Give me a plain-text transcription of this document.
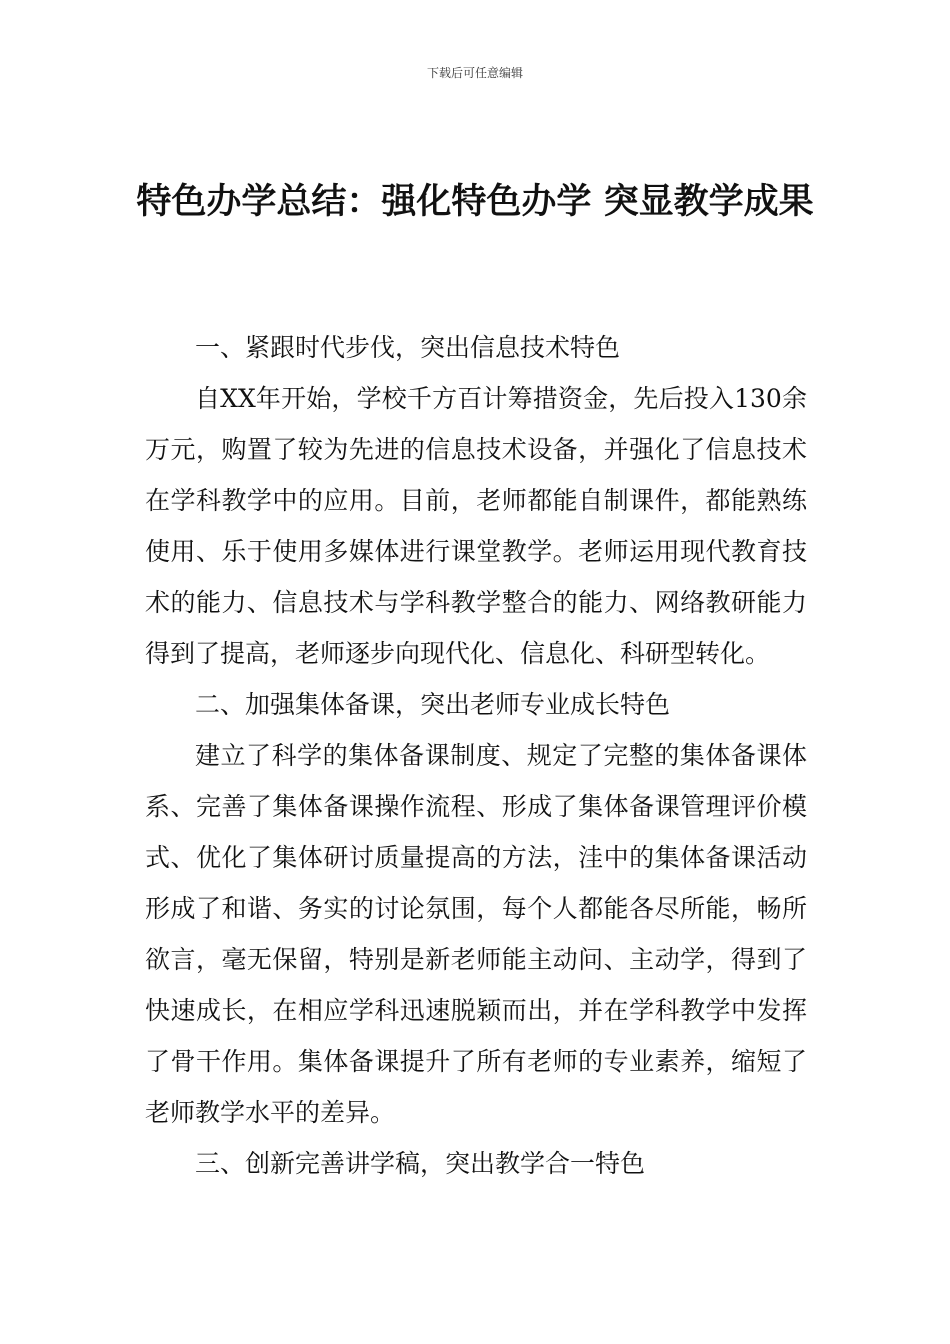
下载后可任意编辑
特色办学总结：强化特色办学 突显教学成果

一、紧跟时代步伐，突出信息技术特色

自XX年开始，学校千方百计筹措资金，先后投入130余万元，购置了较为先进的信息技术设备，并强化了信息技术在学科教学中的应用。目前，老师都能自制课件，都能熟练使用、乐于使用多媒体进行课堂教学。老师运用现代教育技术的能力、信息技术与学科教学整合的能力、网络教研能力得到了提高，老师逐步向现代化、信息化、科研型转化。

二、加强集体备课，突出老师专业成长特色

建立了科学的集体备课制度、规定了完整的集体备课体系、完善了集体备课操作流程、形成了集体备课管理评价模式、优化了集体研讨质量提高的方法，洼中的集体备课活动形成了和谐、务实的讨论氛围，每个人都能各尽所能，畅所欲言，毫无保留，特别是新老师能主动问、主动学，得到了快速成长，在相应学科迅速脱颖而出，并在学科教学中发挥了骨干作用。集体备课提升了所有老师的专业素养，缩短了老师教学水平的差异。

三、创新完善讲学稿，突出教学合一特色
